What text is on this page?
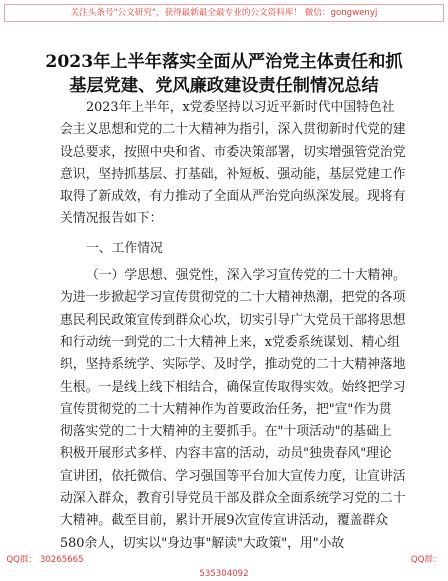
关注头条号"公文研究"，获得最新最全最专业的公文资料库！ 微信：gongwenyj
2023年上半年落实全面从严治党主体责任和抓
基层党建、党风廉政建设责任制情况总结
2023年上半年，x党委坚持以习近平新时代中国特色社
会主义思想和党的二十大精神为指引，深入贯彻新时代党的建
设总要求，按照中央和省、市委决策部署，切实增强管党治党
意识，坚持抓基层、打基础，补短板、强动能，基层党建工作
取得了新成效，有力推动了全面从严治党向纵深发展。现将有
关情况报告如下：
一、工作情况
（一）学思想、强党性，深入学习宣传党的二十大精神。
为进一步掀起学习宣传贯彻党的二十大精神热潮，把党的各项
惠民利民政策宣传到群众心坎，切实引导广大党员干部将思想
和行动统一到党的二十大精神上来，x党委系统谋划、精心组
织，坚持系统学、实际学、及时学，推动党的二十大精神落地
生根。一是线上线下相结合，确保宣传取得实效。始终把学习
宣传贯彻党的二十大精神作为首要政治任务，把"宣"作为贯
彻落实党的二十大精神的主要抓手。在"十项活动"的基础上
积极开展形式多样、内容丰富的活动，动员"独贵春风"理论
宣讲团，依托微信、学习强国等平台加大宣传力度，让宣讲活
动深入群众，教育引导党员干部及群众全面系统学习党的二十
大精神。截至目前，累计开展9次宣传宣讲活动，覆盖群众
580余人，切实以"身边事"解读"大政策"，用"小故
QQ群： 30265665	QQ群：535304092
